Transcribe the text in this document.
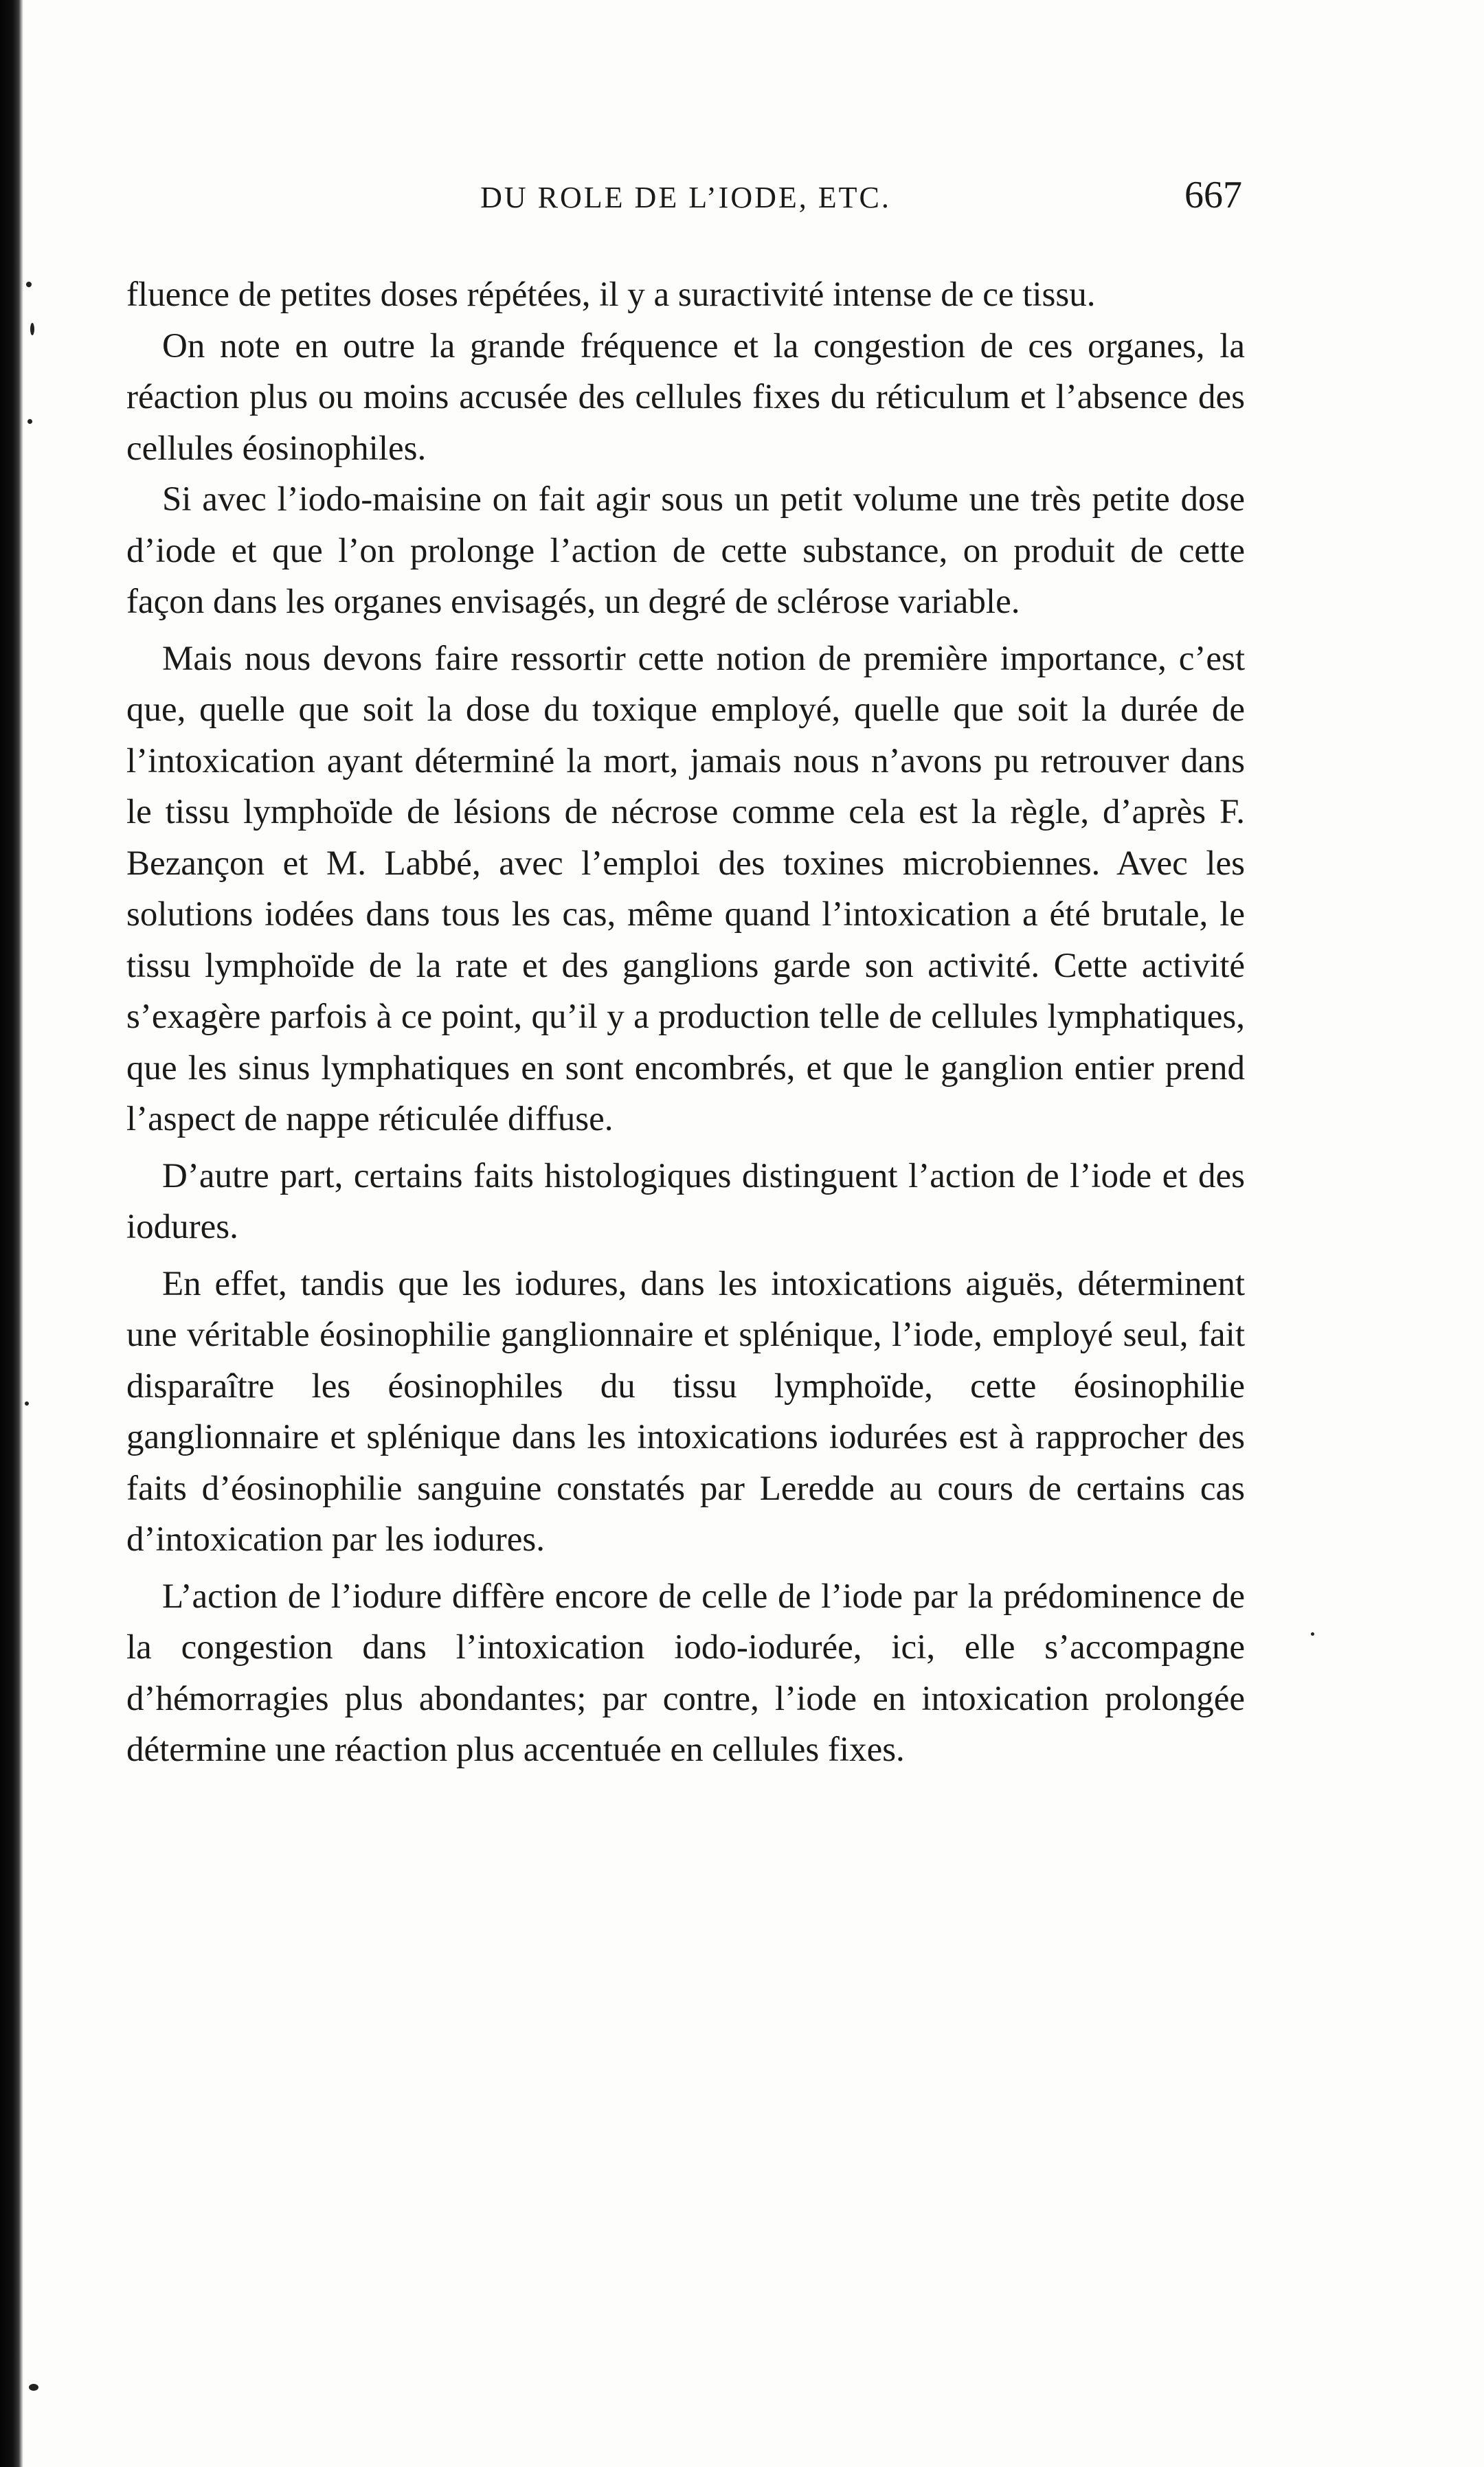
DU ROLE DE L’IODE, ETC.	667

fluence de petites doses répétées, il y a suractivité intense de ce tissu.

On note en outre la grande fréquence et la congestion de ces organes, la réaction plus ou moins accusée des cellules fixes du réticulum et l’absence des cellules éosinophiles.

Si avec l’iodo-maisine on fait agir sous un petit volume une très petite dose d’iode et que l’on prolonge l’action de cette substance, on produit de cette façon dans les organes envisagés, un degré de sclérose variable.

Mais nous devons faire ressortir cette notion de première importance, c’est que, quelle que soit la dose du toxique employé, quelle que soit la durée de l’intoxication ayant déterminé la mort, jamais nous n’avons pu retrouver dans le tissu lymphoïde de lésions de nécrose comme cela est la règle, d’après F. Bezançon et M. Labbé, avec l’emploi des toxines microbiennes. Avec les solutions iodées dans tous les cas, même quand l’intoxication a été brutale, le tissu lymphoïde de la rate et des ganglions garde son activité. Cette activité s’exagère parfois à ce point, qu’il y a production telle de cellules lymphatiques, que les sinus lymphatiques en sont encombrés, et que le ganglion entier prend l’aspect de nappe réticulée diffuse.

D’autre part, certains faits histologiques distinguent l’action de l’iode et des iodures.

En effet, tandis que les iodures, dans les intoxications aiguës, déterminent une véritable éosinophilie ganglionnaire et splénique, l’iode, employé seul, fait disparaître les éosinophiles du tissu lymphoïde, cette éosinophilie ganglionnaire et splénique dans les intoxications iodurées est à rapprocher des faits d’éosinophilie sanguine constatés par Leredde au cours de certains cas d’intoxication par les iodures.

L’action de l’iodure diffère encore de celle de l’iode par la prédominence de la congestion dans l’intoxication iodo-iodurée, ici, elle s’accompagne d’hémorragies plus abondantes; par contre, l’iode en intoxication prolongée détermine une réaction plus accentuée en cellules fixes.
